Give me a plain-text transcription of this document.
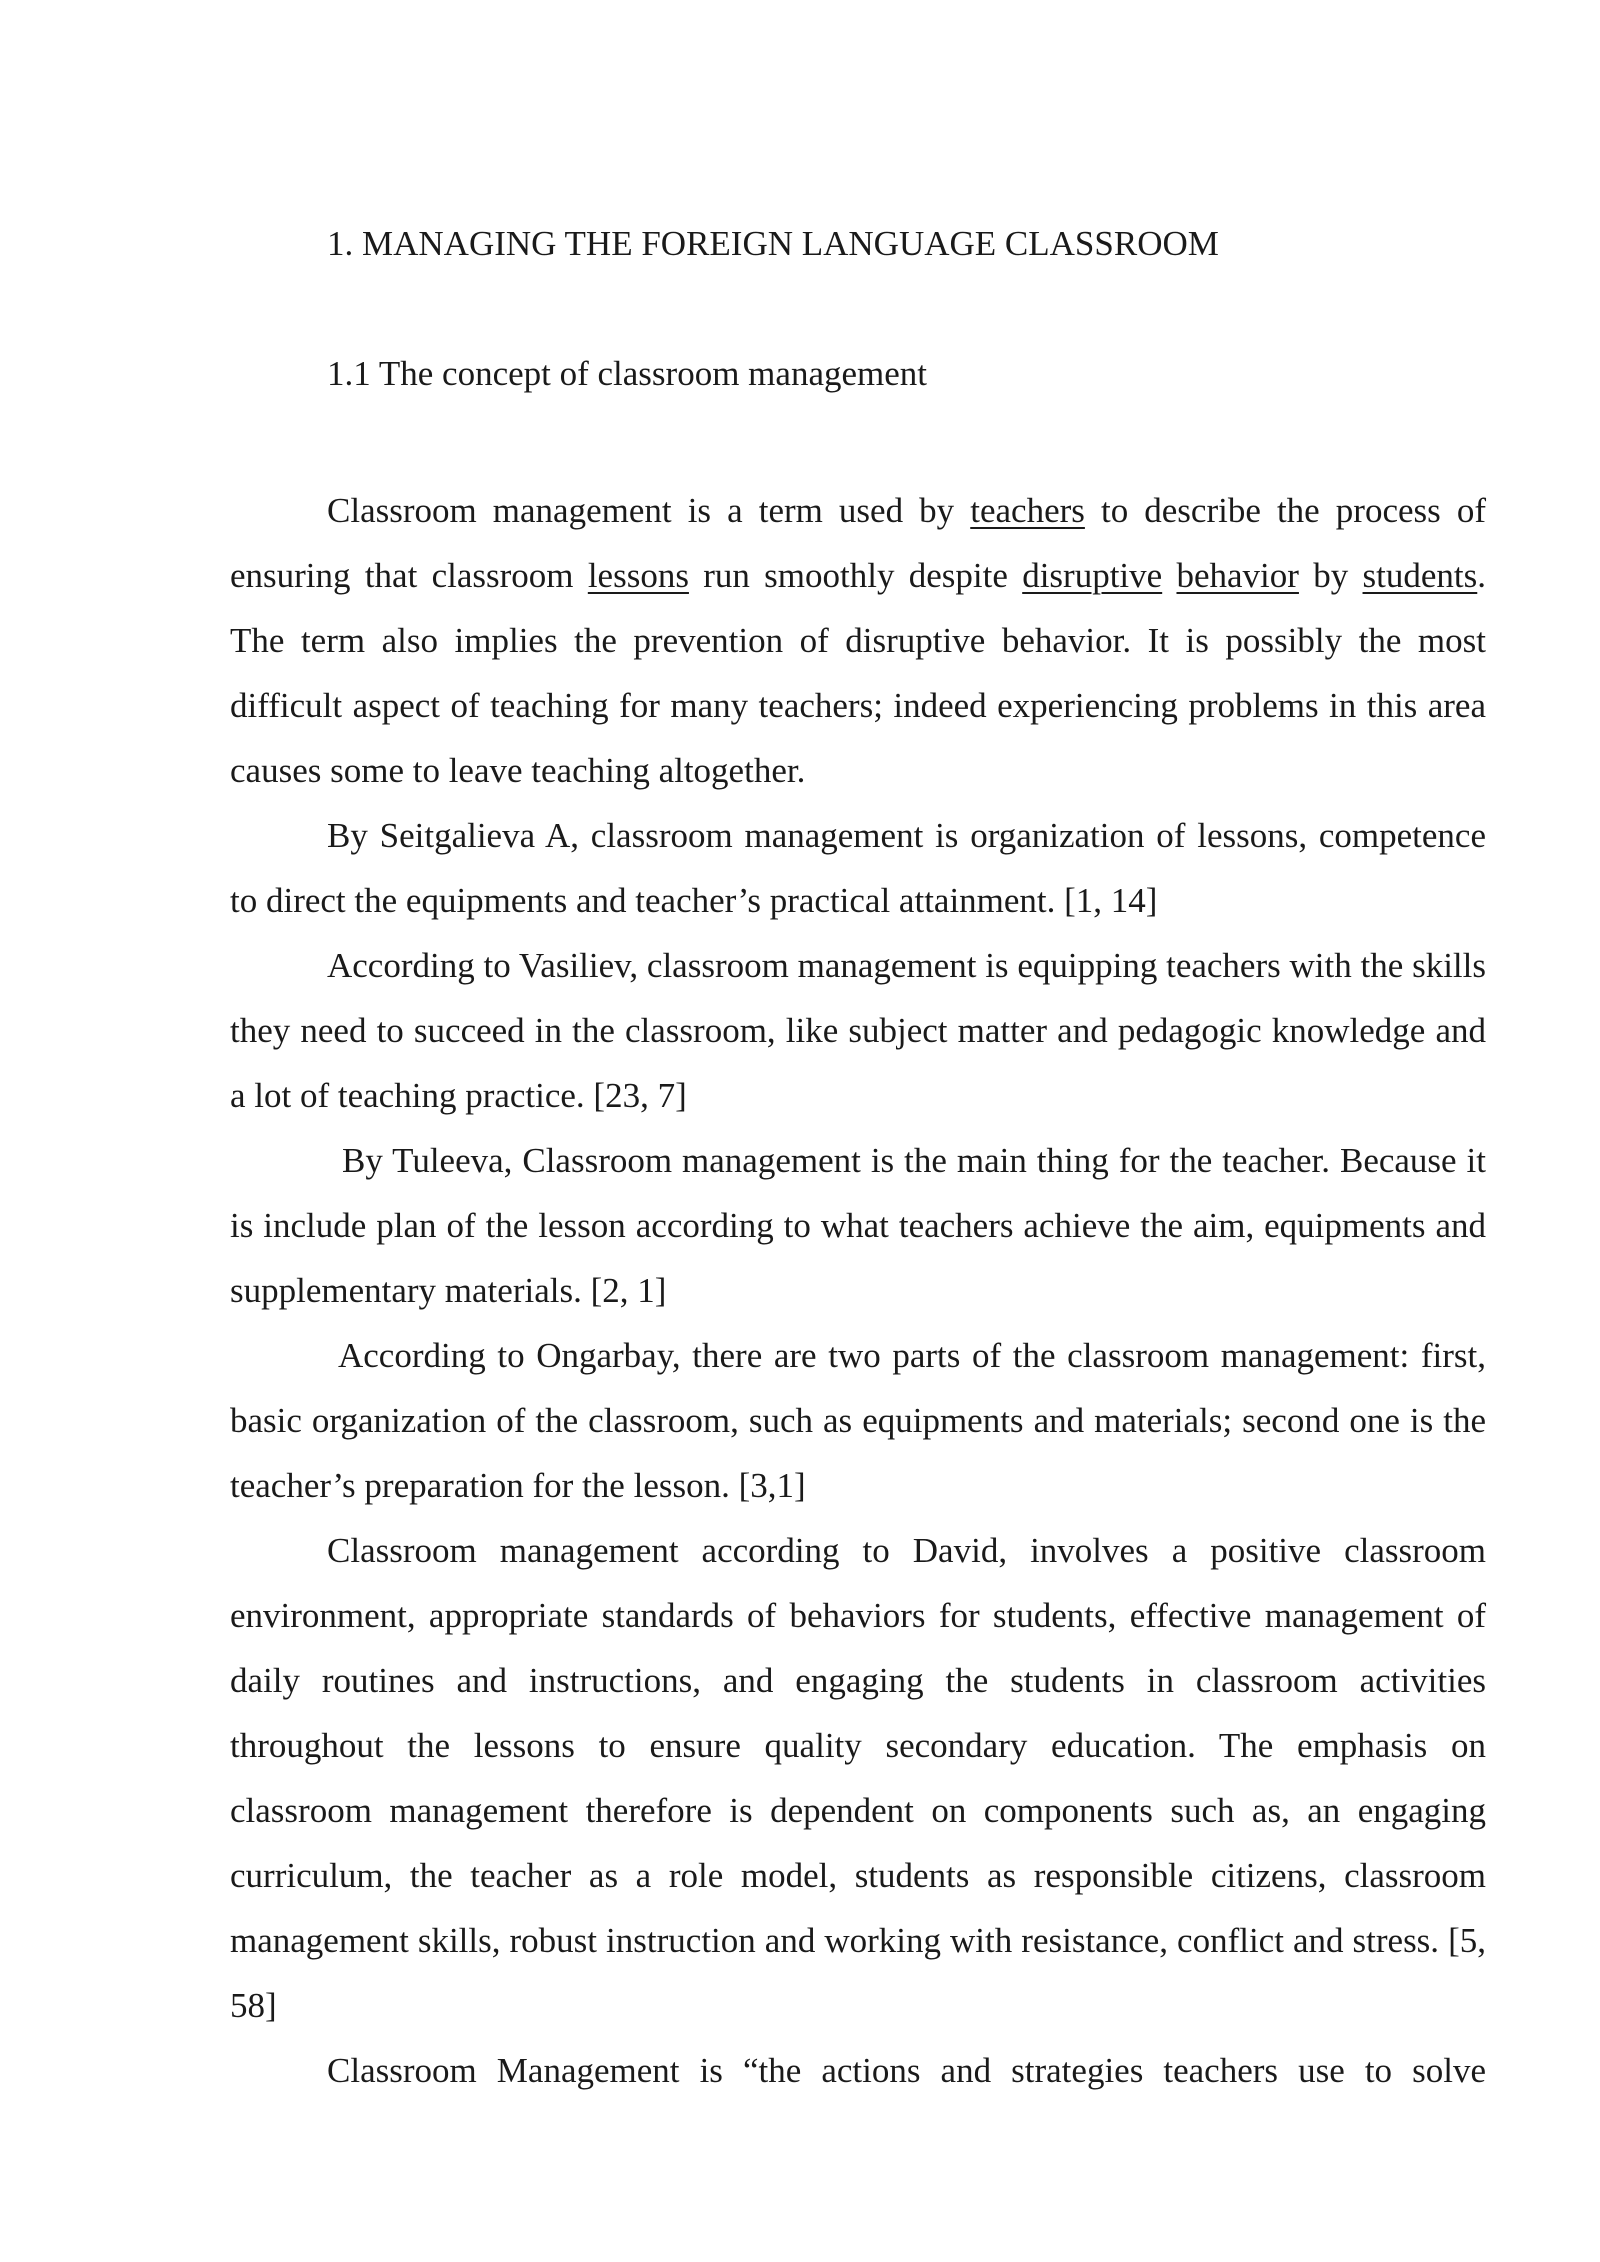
1. MANAGING THE FOREIGN LANGUAGE CLASSROOM
1.1 The concept of classroom management

Classroom management is a term used by teachers to describe the process of ensuring that classroom lessons run smoothly despite disruptive behavior by students. The term also implies the prevention of disruptive behavior. It is possibly the most difficult aspect of teaching for many teachers; indeed experiencing problems in this area causes some to leave teaching altogether.

By Seitgalieva A, classroom management is organization of lessons, competence to direct the equipments and teacher’s practical attainment. [1, 14]

According to Vasiliev, classroom management is equipping teachers with the skills they need to succeed in the classroom, like subject matter and pedagogic knowledge and a lot of teaching practice. [23, 7]

By Tuleeva, Classroom management is the main thing for the teacher. Because it is include plan of the lesson according to what teachers achieve the aim, equipments and supplementary materials. [2, 1]

According to Ongarbay, there are two parts of the classroom management: first, basic organization of the classroom, such as equipments and materials; second one is the teacher’s preparation for the lesson. [3,1]

Classroom management according to David, involves a positive classroom environment, appropriate standards of behaviors for students, effective management of daily routines and instructions, and engaging the students in classroom activities throughout the lessons to ensure quality secondary education. The emphasis on classroom management therefore is dependent on components such as, an engaging curriculum, the teacher as a role model, students as responsible citizens, classroom management skills, robust instruction and working with resistance, conflict and stress. [5, 58]

Classroom Management is “the actions and strategies teachers use to solve
